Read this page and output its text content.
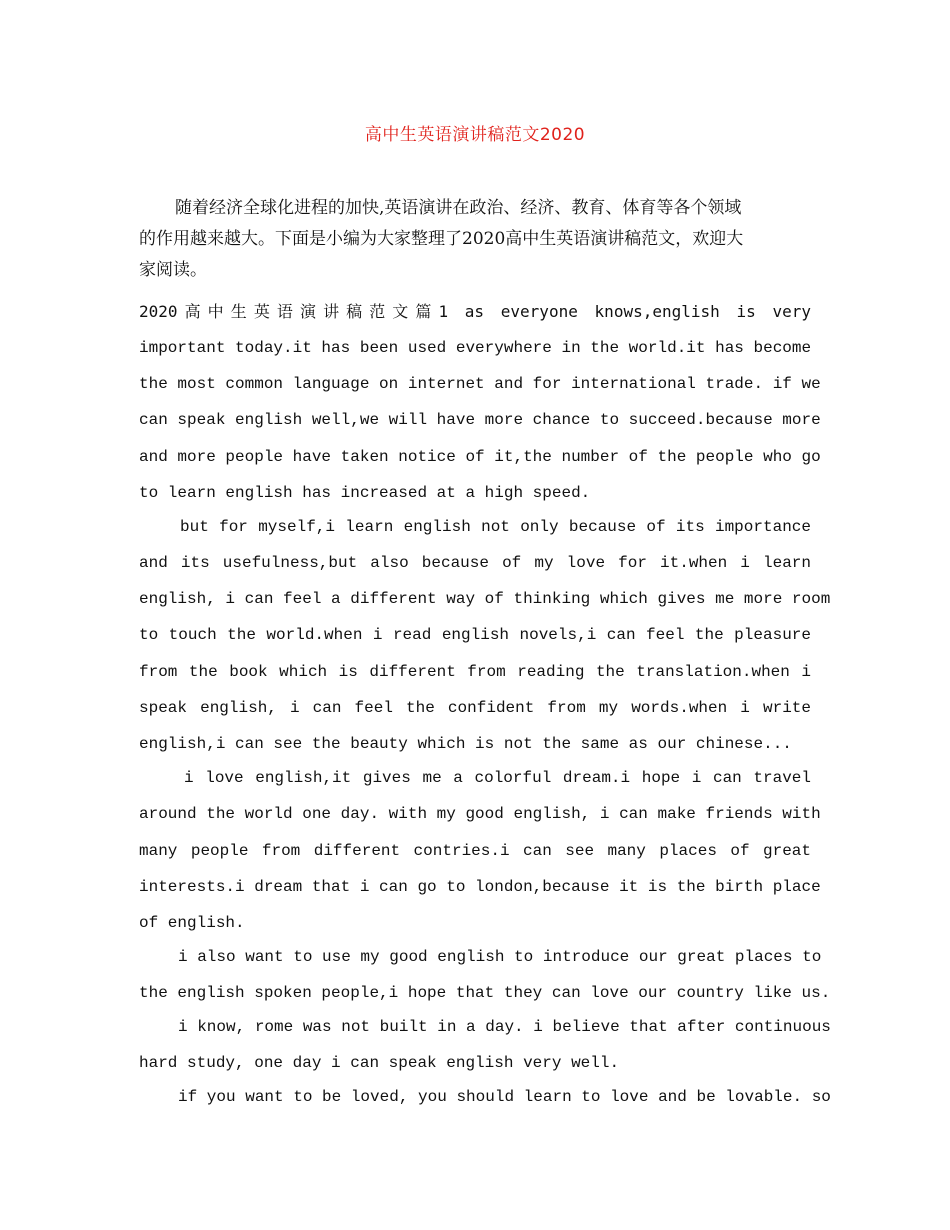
高中生英语演讲稿范文2020
随着经济全球化进程的加快,英语演讲在政治、经济、教育、体育等各个领域
的作用越来越大。下面是小编为大家整理了2020高中生英语演讲稿范文，欢迎大
家阅读。
2020高中生英语演讲稿范文篇1 as everyone knows,english is very
important today.it has been used everywhere in the world.it has become
the most common language on internet and for international trade. if we
can speak english well,we will have more chance to succeed.because more
and more people have taken notice of it,the number of the people who go
to learn english has increased at a high speed.
but for myself,i learn english not only because of its importance
and its usefulness,but also because of my love for it.when i learn
english, i can feel a different way of thinking which gives me more room
to touch the world.when i read english novels,i can feel the pleasure
from the book which is different from reading the translation.when i
speak english, i can feel the confident from my words.when i write
english,i can see the beauty which is not the same as our chinese...
i love english,it gives me a colorful dream.i hope i can travel
around the world one day. with my good english, i can make friends with
many people from different contries.i can see many places of great
interests.i dream that i can go to london,because it is the birth place
of english.
i also want to use my good english to introduce our great places to
the english spoken people,i hope that they can love our country like us.
i know, rome was not built in a day. i believe that after continuous
hard study, one day i can speak english very well.
if you want to be loved, you should learn to love and be lovable. so
